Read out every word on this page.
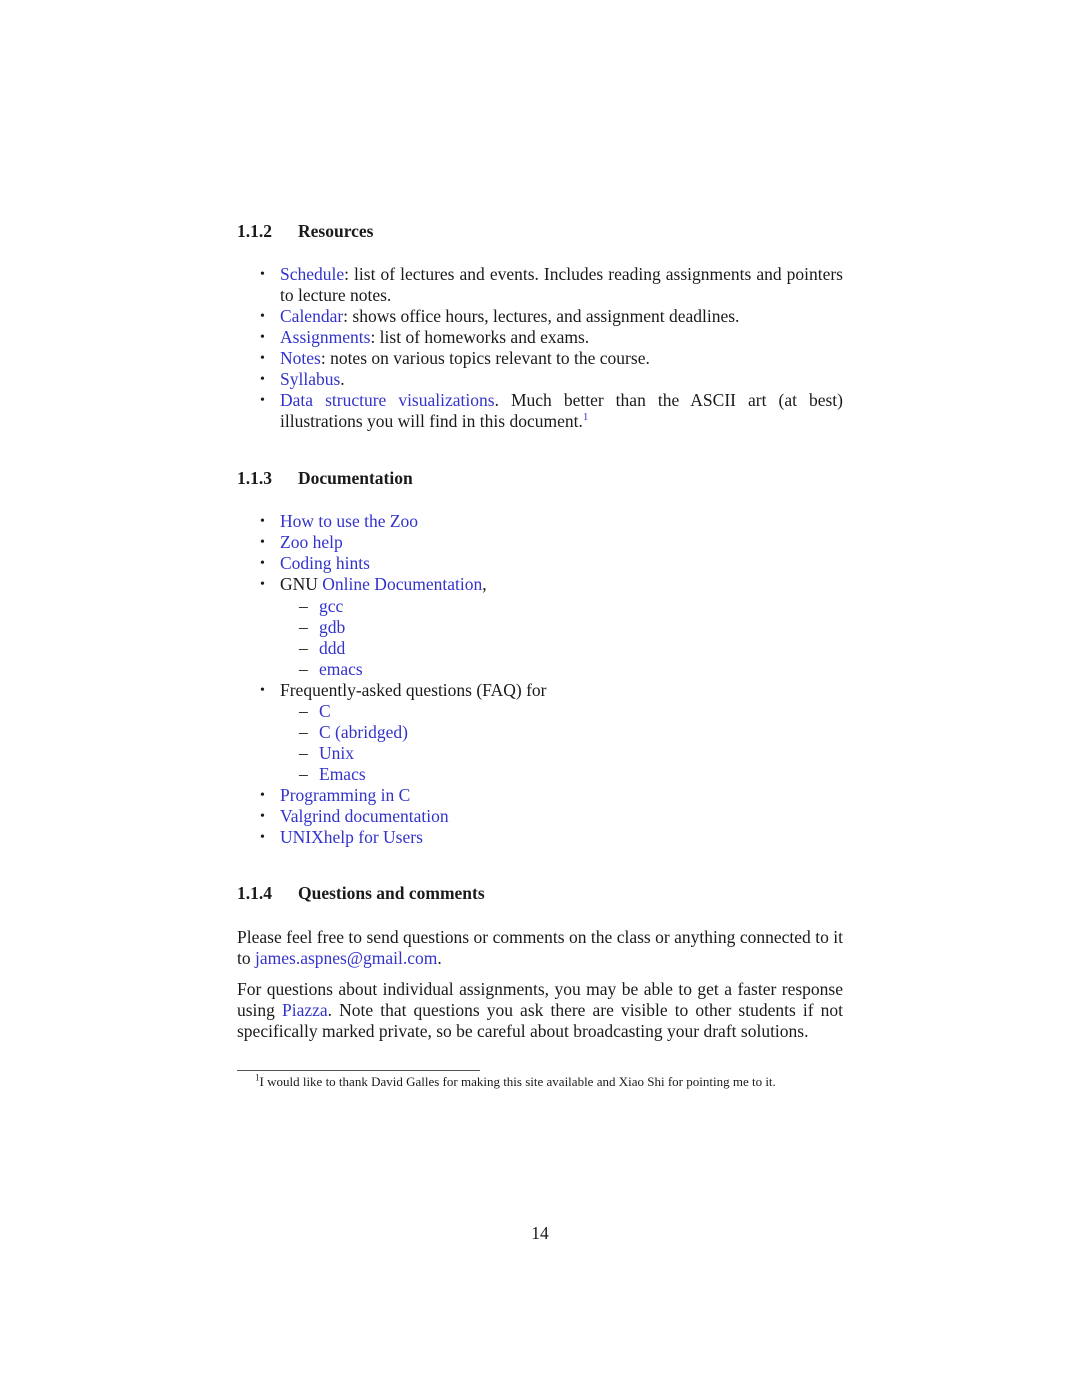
1.1.2 Resources
• Schedule: list of lectures and events. Includes reading assignments and pointers to lecture notes.
• Calendar: shows office hours, lectures, and assignment deadlines.
• Assignments: list of homeworks and exams.
• Notes: notes on various topics relevant to the course.
• Syllabus.
• Data structure visualizations. Much better than the ASCII art (at best) illustrations you will find in this document.$^1$
1.1.3 Documentation
• How to use the Zoo
• Zoo help
• Coding hints
• GNU Online Documentation,
– gcc
– gdb
– ddd
– emacs
• Frequently-asked questions (FAQ) for
– C
– C (abridged)
– Unix
– Emacs
• Programming in C
• Valgrind documentation
• UNIXhelp for Users
1.1.4 Questions and comments
Please feel free to send questions or comments on the class or anything connected to it to james.aspnes@gmail.com.
For questions about individual assignments, you may be able to get a faster response using Piazza. Note that questions you ask there are visible to other students if not specifically marked private, so be careful about broadcasting your draft solutions.
$^1$I would like to thank David Galles for making this site available and Xiao Shi for pointing me to it.
14
